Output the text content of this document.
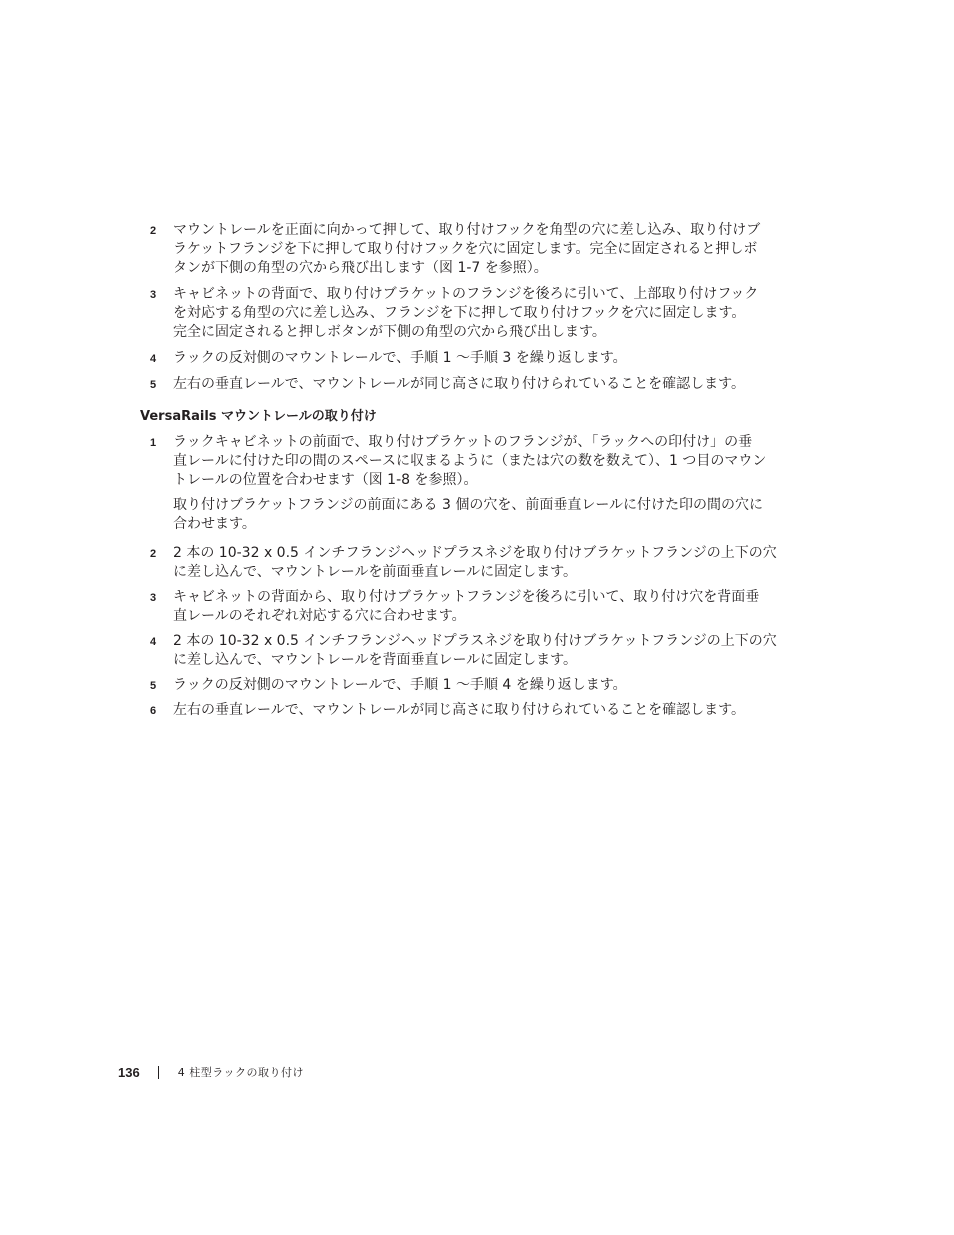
2 マウントレールを正面に向かって押して、取り付けフックを角型の穴に差し込み、取り付けブ
ラケットフランジを下に押して取り付けフックを穴に固定します。完全に固定されると押しボ
タンが下側の角型の穴から飛び出します（図 1-7 を参照）。
3 キャビネットの背面で、取り付けブラケットのフランジを後ろに引いて、上部取り付けフック
を対応する角型の穴に差し込み、フランジを下に押して取り付けフックを穴に固定します。
完全に固定されると押しボタンが下側の角型の穴から飛び出します。
4 ラックの反対側のマウントレールで、手順 1 〜手順 3 を繰り返します。
5 左右の垂直レールで、マウントレールが同じ高さに取り付けられていることを確認します。
VersaRails マウントレールの取り付け
1 ラックキャビネットの前面で、取り付けブラケットのフランジが、「ラックへの印付け」の垂
直レールに付けた印の間のスペースに収まるように（または穴の数を数えて）、1 つ目のマウン
トレールの位置を合わせます（図 1-8 を参照）。
取り付けブラケットフランジの前面にある 3 個の穴を、前面垂直レールに付けた印の間の穴に
合わせます。
2 2 本の 10-32 x 0.5 インチフランジヘッドプラスネジを取り付けブラケットフランジの上下の穴
に差し込んで、マウントレールを前面垂直レールに固定します。
3 キャビネットの背面から、取り付けブラケットフランジを後ろに引いて、取り付け穴を背面垂
直レールのそれぞれ対応する穴に合わせます。
4 2 本の 10-32 x 0.5 インチフランジヘッドプラスネジを取り付けブラケットフランジの上下の穴
に差し込んで、マウントレールを背面垂直レールに固定します。
5 ラックの反対側のマウントレールで、手順 1 〜手順 4 を繰り返します。
6 左右の垂直レールで、マウントレールが同じ高さに取り付けられていることを確認します。
136	4 柱型ラックの取り付け
